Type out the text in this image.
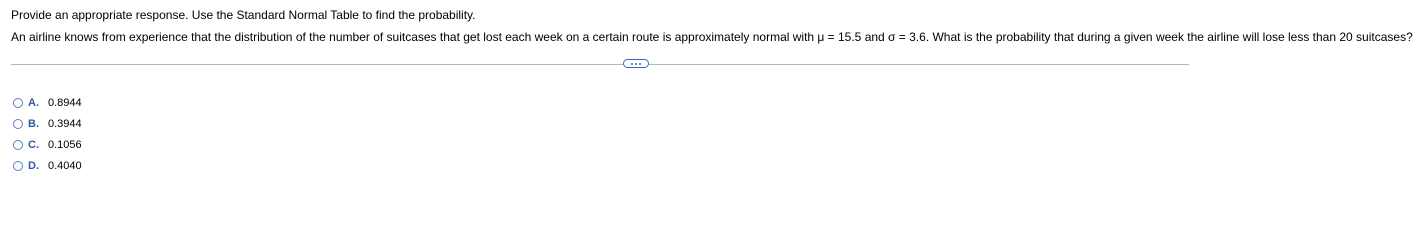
Provide an appropriate response. Use the Standard Normal Table to find the probability.
An airline knows from experience that the distribution of the number of suitcases that get lost each week on a certain route is approximately normal with μ = 15.5 and σ = 3.6. What is the probability that during a given week the airline will lose less than 20 suitcases?
A. 0.8944
B. 0.3944
C. 0.1056
D. 0.4040
